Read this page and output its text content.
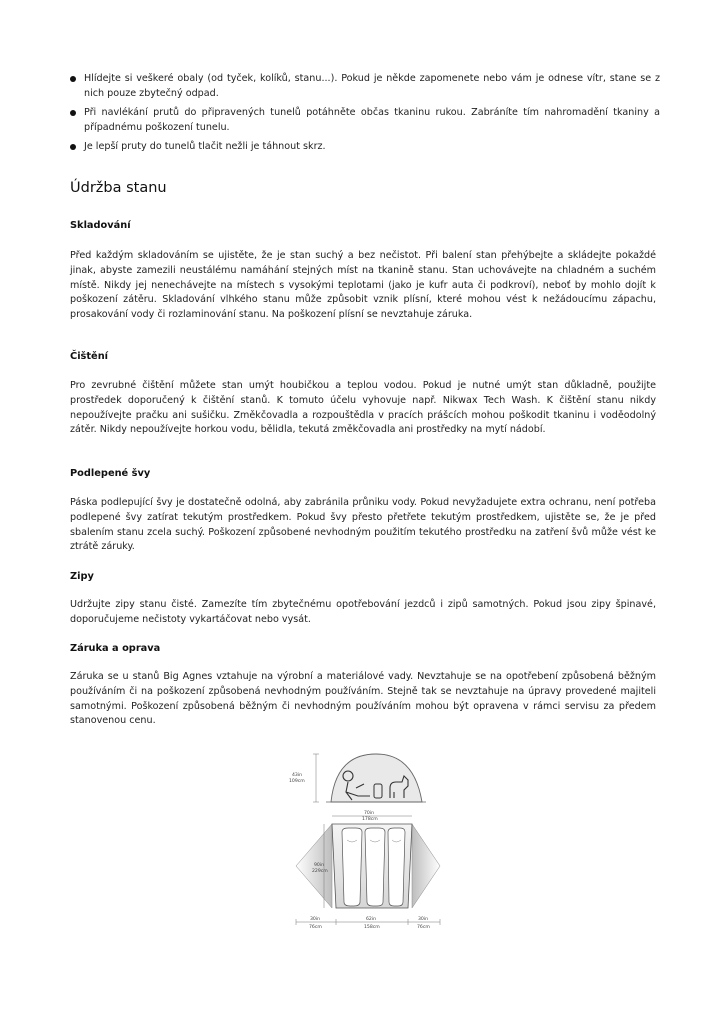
Hlídejte si veškeré obaly (od tyček, kolíků, stanu...). Pokud je někde zapomenete nebo vám je odnese vítr, stane se z nich pouze zbytečný odpad.
Při navlékání prutů do připravených tunelů potáhněte občas tkaninu rukou. Zabráníte tím nahromadění tkaniny a případnému poškození tunelu.
Je lepší pruty do tunelů tlačit nežli je táhnout skrz.
Údržba stanu
Skladování

Před každým skladováním se ujistěte, že je stan suchý a bez nečistot. Při balení stan přehýbejte a skládejte pokaždé jinak, abyste zamezili neustálému namáhání stejných míst na tkanině stanu. Stan uchovávejte na chladném a suchém místě. Nikdy jej nenechávejte na místech s vysokými teplotami (jako je kufr auta či podkroví), neboť by mohlo dojít k poškození zátěru. Skladování vlhkého stanu může způsobit vznik plísní, které mohou vést k nežádoucímu zápachu, prosakování vody či rozlaminování stanu. Na poškození plísní se nevztahuje záruka.

Čištění

Pro zevrubné čištění můžete stan umýt houbičkou a teplou vodou. Pokud je nutné umýt stan důkladně, použijte prostředek doporučený k čištění stanů. K tomuto účelu vyhovuje např. Nikwax Tech Wash. K čištění stanu nikdy nepoužívejte pračku ani sušičku. Změkčovadla a rozpouštědla v pracích prášcích mohou poškodit tkaninu i voděodolný zátěr. Nikdy nepoužívejte horkou vodu, bělidla, tekutá změkčovadla ani prostředky na mytí nádobí.

Podlepené švy

Páska podlepující švy je dostatečně odolná, aby zabránila průniku vody. Pokud nevyžadujete extra ochranu, není potřeba podlepené švy zatírat tekutým prostředkem. Pokud švy přesto přetřete tekutým prostředkem, ujistěte se, že je před sbalením stanu zcela suchý. Poškození způsobené nevhodným použitím tekutého prostředku na zatření švů může vést ke ztrátě záruky.

Zipy

Udržujte zipy stanu čisté. Zamezíte tím zbytečnému opotřebování jezdců i zipů samotných. Pokud jsou zipy špinavé, doporučujeme nečistoty vykartáčovat nebo vysát.

Záruka a oprava

Záruka se u stanů Big Agnes vztahuje na výrobní a materiálové vady. Nevztahuje se na opotřebení způsobená běžným používáním či na poškození způsobená nevhodným používáním. Stejně tak se nevztahuje na úpravy provedené majiteli samotnými. Poškození způsobená běžným či nevhodným používáním mohou být opravena v rámci servisu za předem stanovenou cenu.

43in
109cm
70in
178cm
90in
229cm
30in
76cm
62in
158cm
30in
76cm
